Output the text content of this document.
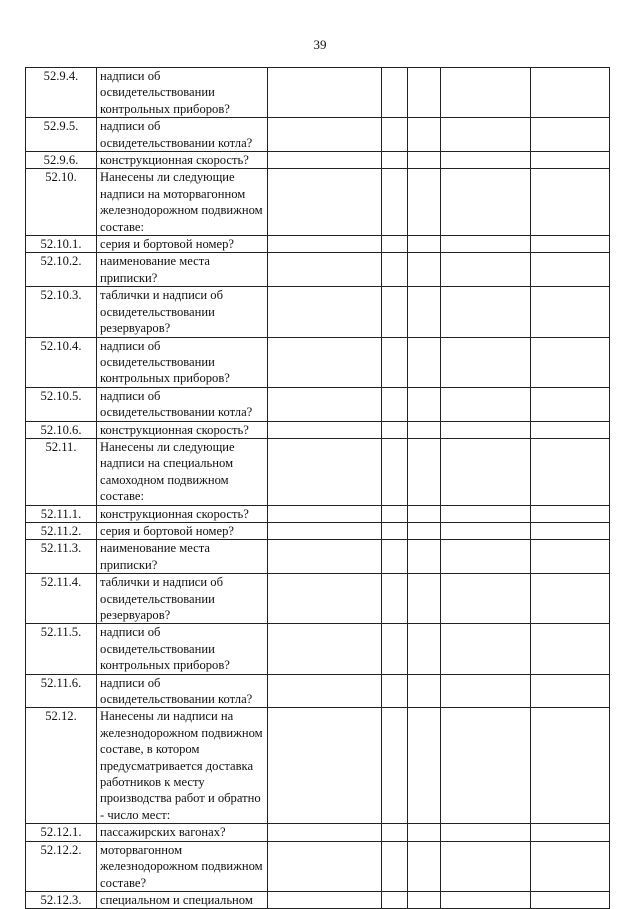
39
52.9.4.	надписи об освидетельствовании контрольных приборов?					
52.9.5.	надписи об освидетельствовании котла?					
52.9.6.	конструкционная скорость?					
52.10.	Нанесены ли следующие надписи на моторвагонном железнодорожном подвижном составе:					
52.10.1.	серия и бортовой номер?					
52.10.2.	наименование места приписки?					
52.10.3.	таблички и надписи об освидетельствовании резервуаров?					
52.10.4.	надписи об освидетельствовании контрольных приборов?					
52.10.5.	надписи об освидетельствовании котла?					
52.10.6.	конструкционная скорость?					
52.11.	Нанесены ли следующие надписи на специальном самоходном подвижном составе:					
52.11.1.	конструкционная скорость?					
52.11.2.	серия и бортовой номер?					
52.11.3.	наименование места приписки?					
52.11.4.	таблички и надписи об освидетельствовании резервуаров?					
52.11.5.	надписи об освидетельствовании контрольных приборов?					
52.11.6.	надписи об освидетельствовании котла?					
52.12.	Нанесены ли надписи на железнодорожном подвижном составе, в котором предусматривается доставка работников к месту производства работ и обратно - число мест:					
52.12.1.	пассажирских вагонах?					
52.12.2.	моторвагонном железнодорожном подвижном составе?					
52.12.3.	специальном и специальном					
